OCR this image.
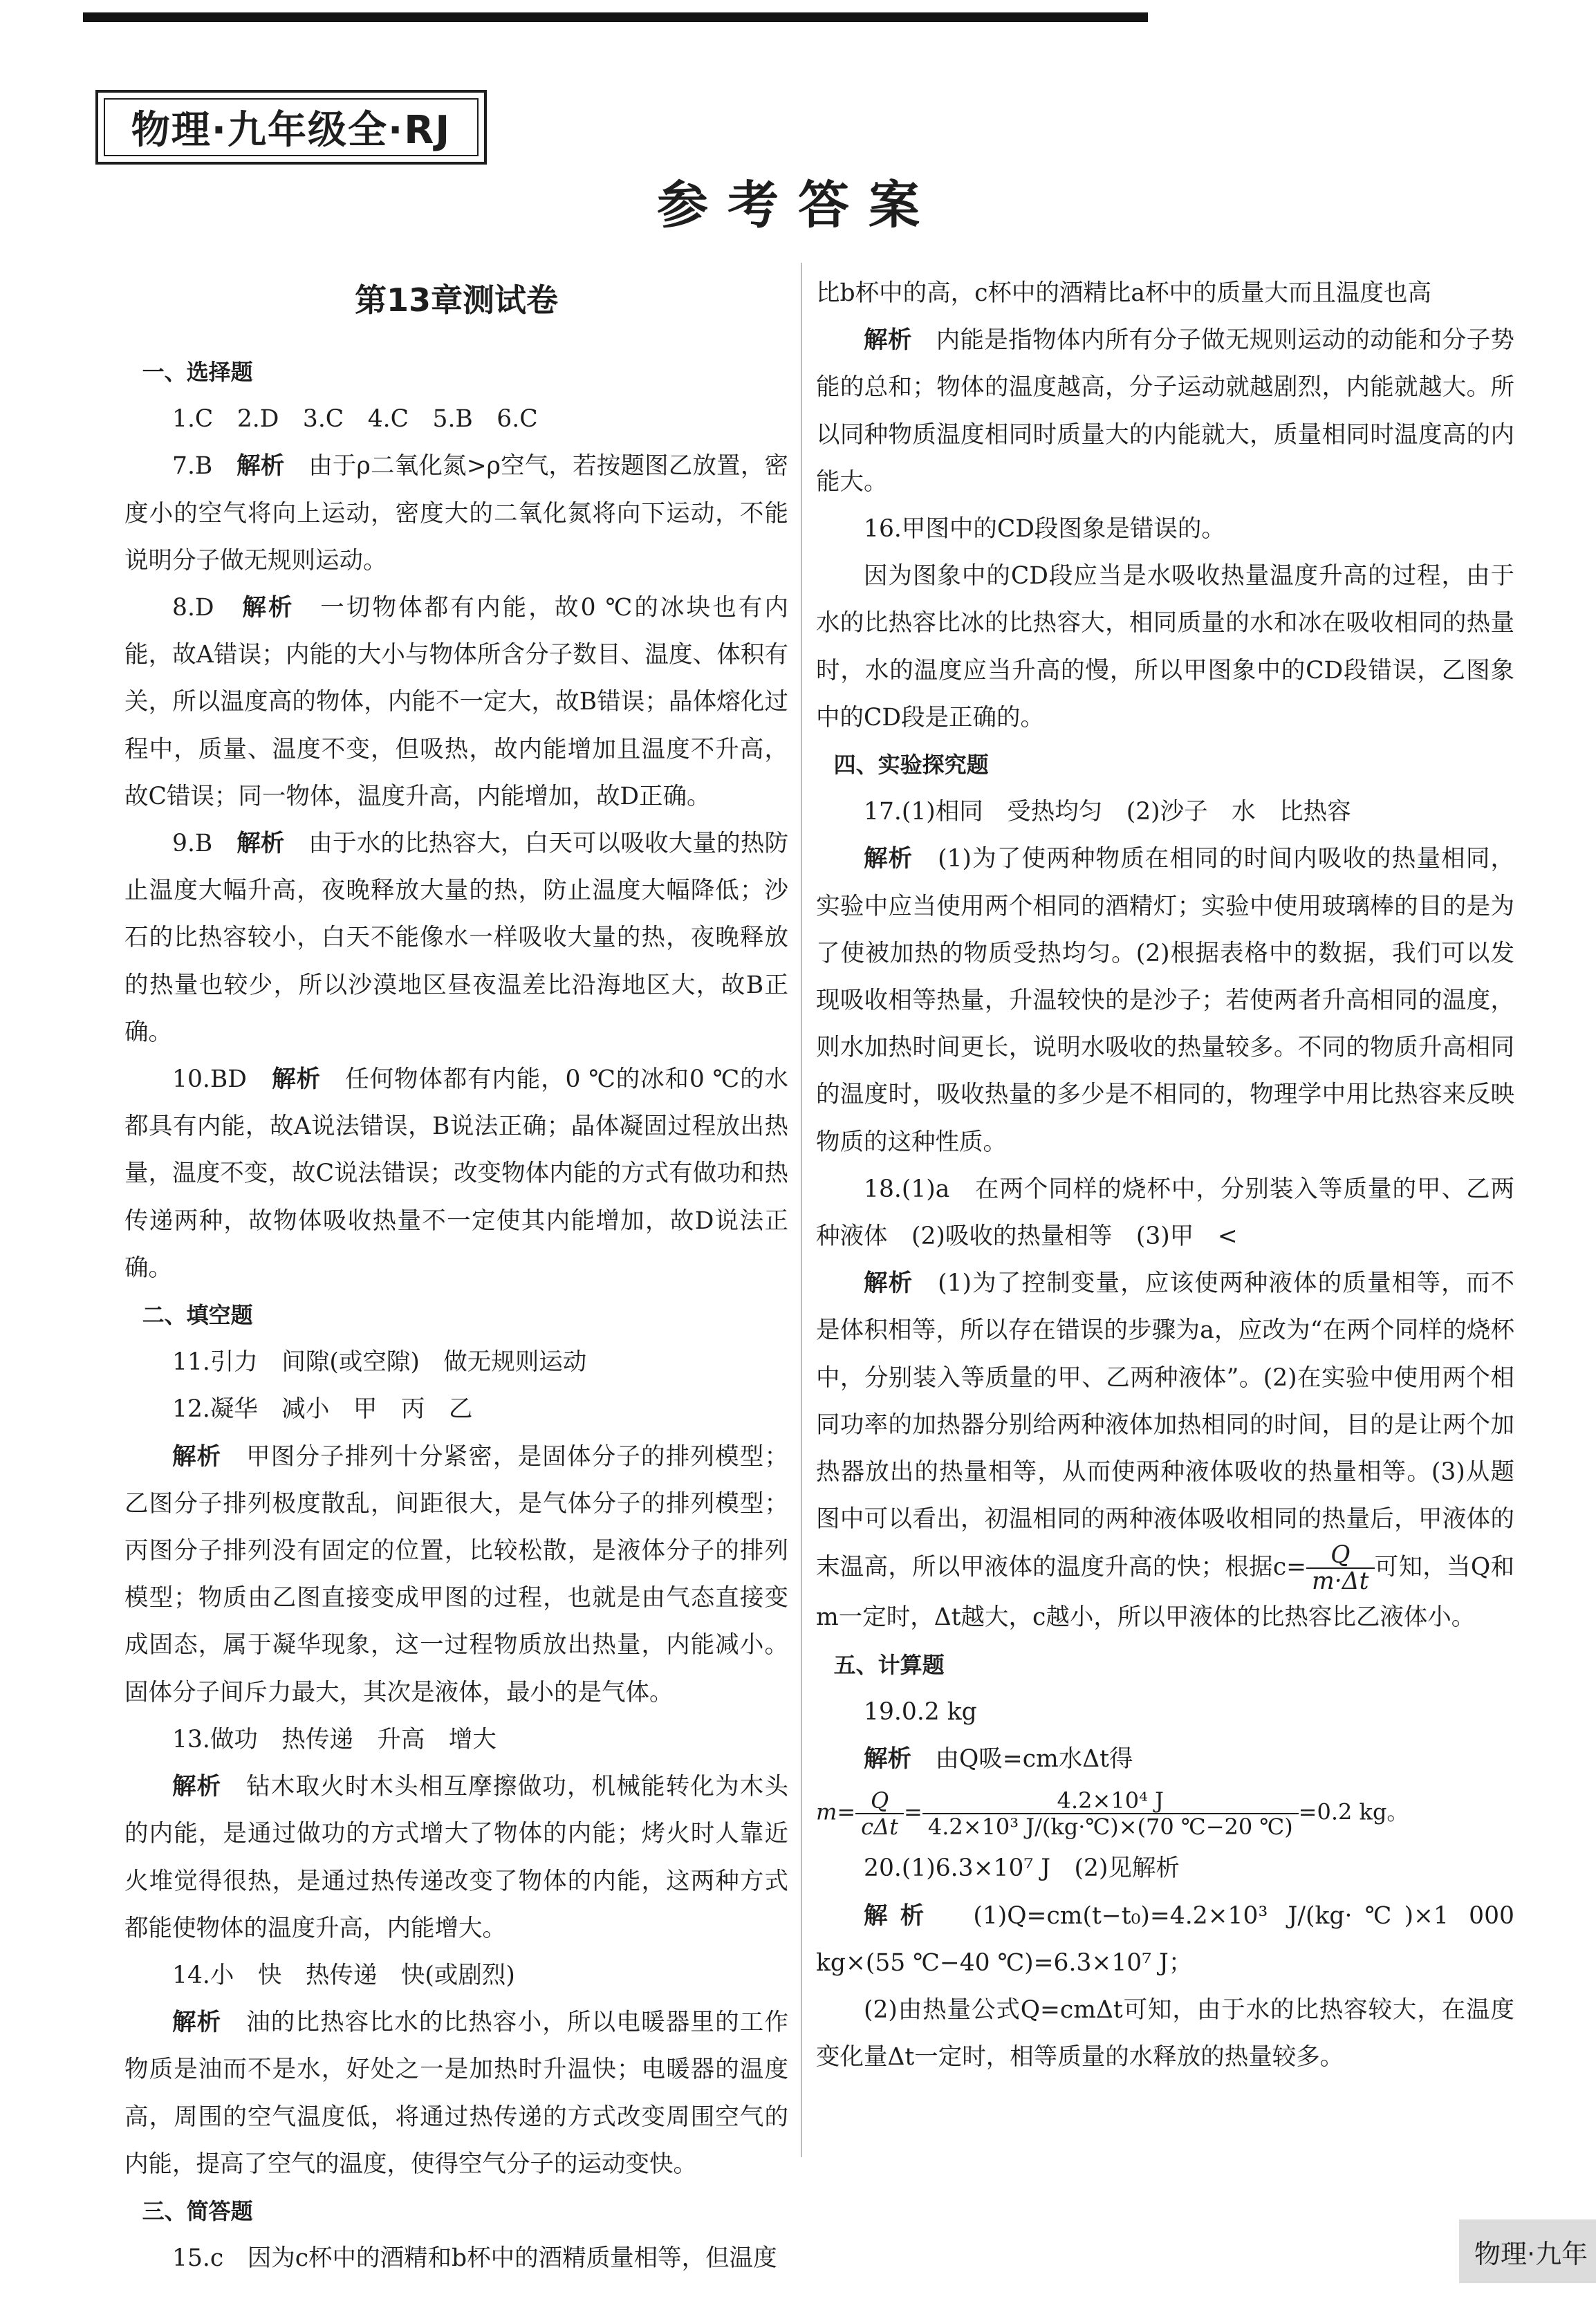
物理·九年级全·RJ
参考答案

第13章测试卷

一、选择题

1.C　2.D　3.C　4.C　5.B　6.C

7.B　 解析　 由于ρ二氧化氮>ρ空气，若按题图乙放置，密度小的空气将向上运动，密度大的二氧化氮将向下运动，不能说明分子做无规则运动。

8.D　 解析　 一切物体都有内能，故0 ℃的冰块也有内能，故A错误；内能的大小与物体所含分子数目、温度、体积有关，所以温度高的物体，内能不一定大，故B错误；晶体熔化过程中，质量、温度不变，但吸热，故内能增加且温度不升高，故C错误；同一物体，温度升高，内能增加，故D正确。

9.B　 解析　 由于水的比热容大，白天可以吸收大量的热防止温度大幅升高，夜晚释放大量的热，防止温度大幅降低；沙石的比热容较小，白天不能像水一样吸收大量的热，夜晚释放的热量也较少，所以沙漠地区昼夜温差比沿海地区大，故B正确。

10.BD　 解析　 任何物体都有内能，0 ℃的冰和0 ℃的水都具有内能，故A说法错误，B说法正确；晶体凝固过程放出热量，温度不变，故C说法错误；改变物体内能的方式有做功和热传递两种，故物体吸收热量不一定使其内能增加，故D说法正确。

二、填空题

11.引力　间隙(或空隙)　做无规则运动

12.凝华　减小　甲　丙　乙

解析　 甲图分子排列十分紧密，是固体分子的排列模型；乙图分子排列极度散乱，间距很大，是气体分子的排列模型；丙图分子排列没有固定的位置，比较松散，是液体分子的排列模型；物质由乙图直接变成甲图的过程，也就是由气态直接变成固态，属于凝华现象，这一过程物质放出热量，内能减小。固体分子间斥力最大，其次是液体，最小的是气体。

13.做功　热传递　升高　增大

解析　 钻木取火时木头相互摩擦做功，机械能转化为木头的内能，是通过做功的方式增大了物体的内能；烤火时人靠近火堆觉得很热，是通过热传递改变了物体的内能，这两种方式都能使物体的温度升高，内能增大。

14.小　快　热传递　快(或剧烈)

解析　 油的比热容比水的比热容小，所以电暖器里的工作物质是油而不是水，好处之一是加热时升温快；电暖器的温度高，周围的空气温度低，将通过热传递的方式改变周围空气的内能，提高了空气的温度，使得空气分子的运动变快。

三、简答题

15.c　因为c杯中的酒精和b杯中的酒精质量相等，但温度

比b杯中的高，c杯中的酒精比a杯中的质量大而且温度也高

解析　 内能是指物体内所有分子做无规则运动的动能和分子势能的总和；物体的温度越高，分子运动就越剧烈，内能就越大。所以同种物质温度相同时质量大的内能就大，质量相同时温度高的内能大。

16.甲图中的CD段图象是错误的。

因为图象中的CD段应当是水吸收热量温度升高的过程，由于水的比热容比冰的比热容大，相同质量的水和冰在吸收相同的热量时，水的温度应当升高的慢，所以甲图象中的CD段错误，乙图象中的CD段是正确的。

四、实验探究题

17.(1)相同　受热均匀　(2)沙子　水　比热容

解析　 (1)为了使两种物质在相同的时间内吸收的热量相同，实验中应当使用两个相同的酒精灯；实验中使用玻璃棒的目的是为了使被加热的物质受热均匀。(2)根据表格中的数据，我们可以发现吸收相等热量，升温较快的是沙子；若使两者升高相同的温度，则水加热时间更长，说明水吸收的热量较多。不同的物质升高相同的温度时，吸收热量的多少是不相同的，物理学中用比热容来反映物质的这种性质。

18.(1)a　在两个同样的烧杯中，分别装入等质量的甲、乙两种液体　(2)吸收的热量相等　(3)甲　<

解析　 (1)为了控制变量，应该使两种液体的质量相等，而不是体积相等，所以存在错误的步骤为a，应改为“在两个同样的烧杯中，分别装入等质量的甲、乙两种液体”。(2)在实验中使用两个相同功率的加热器分别给两种液体加热相同的时间，目的是让两个加热器放出的热量相等，从而使两种液体吸收的热量相等。(3)从题图中可以看出，初温相同的两种液体吸收相同的热量后，甲液体的末温高，所以甲液体的温度升高的快；根据$c= \frac{Q}{m\cdot\Delta t}$ 可知，当Q和m一定时，Δt越大，c越小，所以甲液体的比热容比乙液体小。

五、计算题

19.0.2 kg

解析　 由Q吸=cm水Δt得

$m= \frac{Q}{\text{cΔt}} = \frac{\text{4.2×10⁴ J}}{\text{4.2×10³ J/(kg·℃)×(70 ℃−20 ℃)}} =0.2$ kg。

20.(1)6.3×10⁷ J　(2)见解析

解析　 (1)Q=cm(t−t₀)=4.2×10³ J/(kg·℃)×1 000 kg×(55 ℃−40 ℃)=6.3×10⁷ J；

(2)由热量公式Q=cmΔt可知，由于水的比热容较大，在温度变化量Δt一定时，相等质量的水释放的热量较多。

物理·九年
